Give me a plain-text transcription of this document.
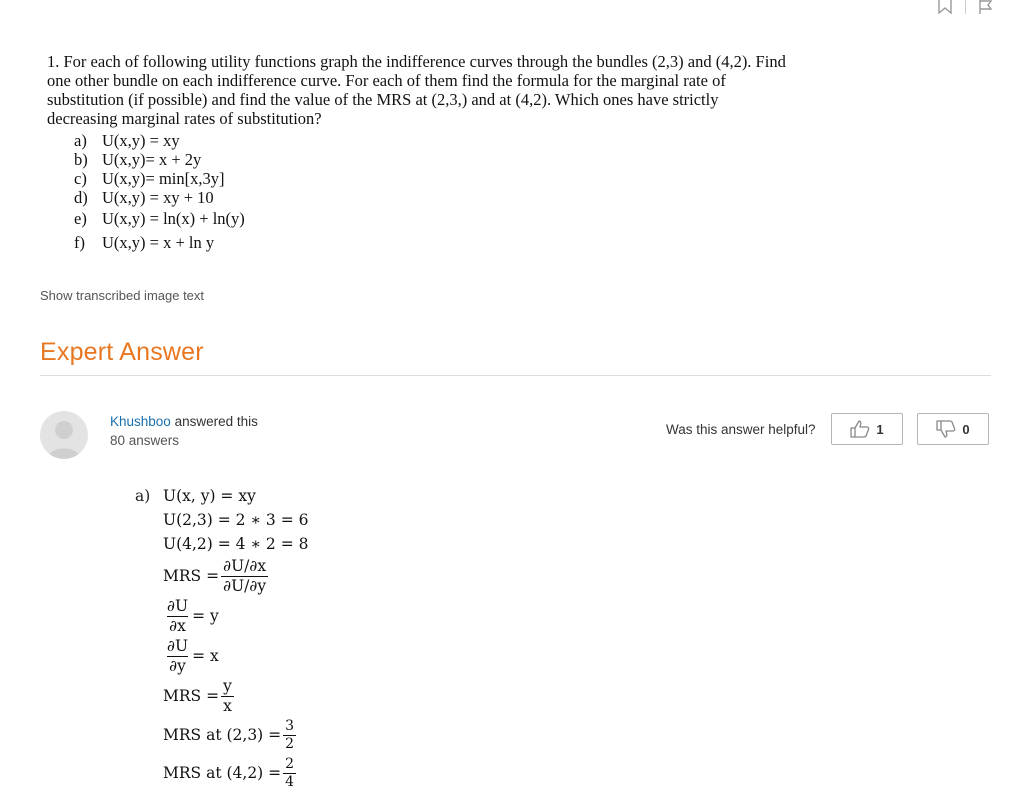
1. For each of following utility functions graph the indifference curves through the bundles (2,3) and (4,2). Find one other bundle on each indifference curve. For each of them find the formula for the marginal rate of substitution (if possible) and find the value of the MRS at (2,3,) and at (4,2). Which ones have strictly decreasing marginal rates of substitution?

a) U(x,y) = xy
b) U(x,y)= x + 2y
c) U(x,y)= min[x,3y]
d) U(x,y) = xy + 10
e) U(x,y) = ln(x) + ln(y)
f) U(x,y) = x + ln y
Show transcribed image text
Expert Answer
Khushboo answered this
80 answers
Was this answer helpful?	1	0
a) U(x, y) = xy
U(2,3) = 2 ∗ 3 = 6
U(4,2) = 4 ∗ 2 = 8
MRS = $\frac{\partial U/\partial x}{\partial U/\partial y}$
$\frac{\partial U}{\partial x} = y$
$\frac{\partial U}{\partial y} = x$
MRS = $\frac{y}{x}$
MRS at $(2,3) = \frac{3}{2}$
MRS at $(4,2) = \frac{2}{4}$
